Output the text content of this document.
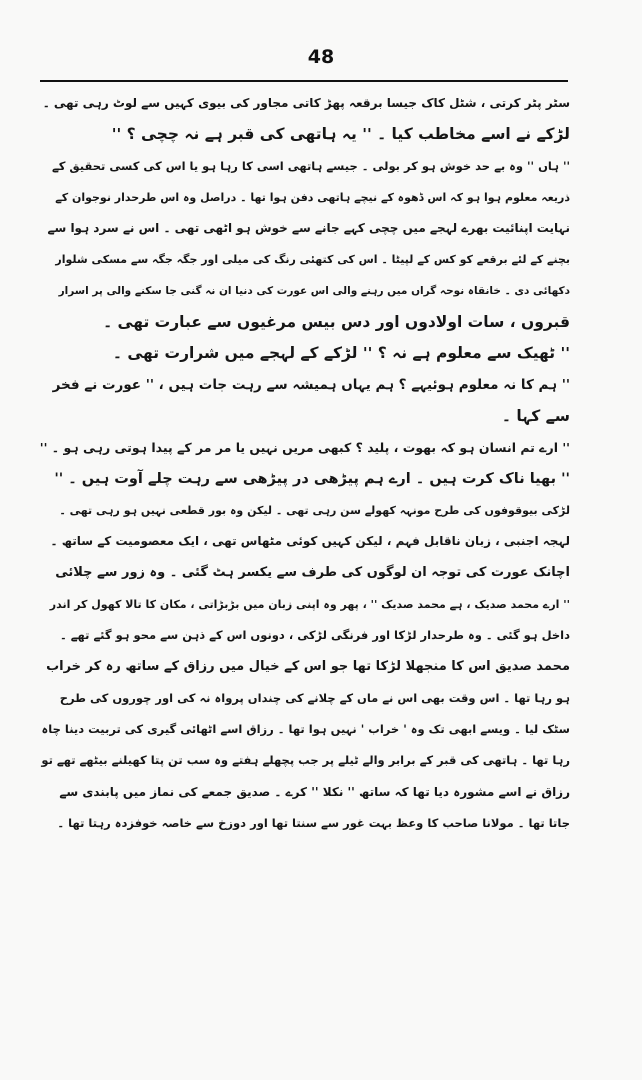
48
سٹر پٹر کرتی ، شٹل کاک جیسا برقعہ پھڑ کاتی مجاور کی بیوی کہیں سے لوٹ رہی تھی ۔
لڑکے نے اسے مخاطب کیا ۔ '' یہ ہاتھی کی قبر ہے نہ چچی ؟ ''
'' ہاں '' وہ بے حد خوش ہو کر بولی ۔ جیسے ہاتھی اسی کا رہا ہو یا اس کی کسی تحقیق کے
ذریعہ معلوم ہوا ہو کہ اس ڈھوہ کے نیچے ہاتھی دفن ہوا تھا ۔ دراصل وہ اس طرحدار نوجوان کے
نہایت اپنائیت بھرے لہجے میں چچی کہے جانے سے خوش ہو اٹھی تھی ۔ اس نے سرد ہوا سے
بچنے کے لئے برقعے کو کس کے لپیٹا ۔ اس کی کتھئی رنگ کی میلی اور جگہ جگہ سے مسکی شلوار
دکھائی دی ۔ خانقاہ نوحہ گراں میں رہنے والی اس عورت کی دنیا ان نہ گنی جا سکنے والی پر اسرار
قبروں ، سات اولادوں اور دس بیس مرغیوں سے عبارت تھی ۔
'' ٹھیک سے معلوم ہے نہ ؟ '' لڑکے کے لہجے میں شرارت تھی ۔
'' ہم کا نہ معلوم ہوئیہے ؟ ہم یہاں ہمیشہ سے رہت جات ہیں ، '' عورت نے فخر
سے کہا ۔
'' ارے تم انسان ہو کہ بھوت ، پلید ؟ کبھی مریں نہیں یا مر مر کے پیدا ہوتی رہی ہو ۔ ''
'' بھیا ناک کرت ہیں ۔ ارے ہم پیڑھی در پیڑھی سے رہت چلے آوت ہیں ۔ ''
لڑکی بیوقوفوں کی طرح مونہہ کھولے سن رہی تھی ۔ لیکن وہ بور قطعی نہیں ہو رہی تھی ۔
لہجہ اجنبی ، زبان ناقابل فہم ، لیکن کہیں کوئی مٹھاس تھی ، ایک معصومیت کے ساتھ ۔
اچانک عورت کی توجہ ان لوگوں کی طرف سے یکسر ہٹ گئی ۔ وہ زور سے چلائی
'' ارے محمد صدیک ، ہے محمد صدیک '' ، پھر وہ اپنی زبان میں بڑبڑاتی ، مکان کا تالا کھول کر اندر
داخل ہو گئی ۔ وہ طرحدار لڑکا اور فرنگی لڑکی ، دونوں اس کے ذہن سے محو ہو گئے تھے ۔
محمد صدیق اس کا منجھلا لڑکا تھا جو اس کے خیال میں رزاق کے ساتھ رہ کر خراب
ہو رہا تھا ۔ اس وقت بھی اس نے ماں کے چلانے کی چنداں پرواہ نہ کی اور چوروں کی طرح
سٹک لیا ۔ ویسے ابھی تک وہ ' خراب ' نہیں ہوا تھا ۔ رزاق اسے اٹھائی گیری کی تربیت دینا چاہ
رہا تھا ۔ ہاتھی کی قبر کے برابر والے ٹیلے پر جب پچھلے ہفتے وہ سب تن پتا کھیلنے بیٹھے تھے تو
رزاق نے اسے مشورہ دیا تھا کہ ساتھ '' نکلا '' کرے ۔ صدیق جمعے کی نماز میں پابندی سے
جاتا تھا ۔ مولانا صاحب کا وعظ بہت غور سے سنتا تھا اور دوزخ سے خاصہ خوفزدہ رہتا تھا ۔
